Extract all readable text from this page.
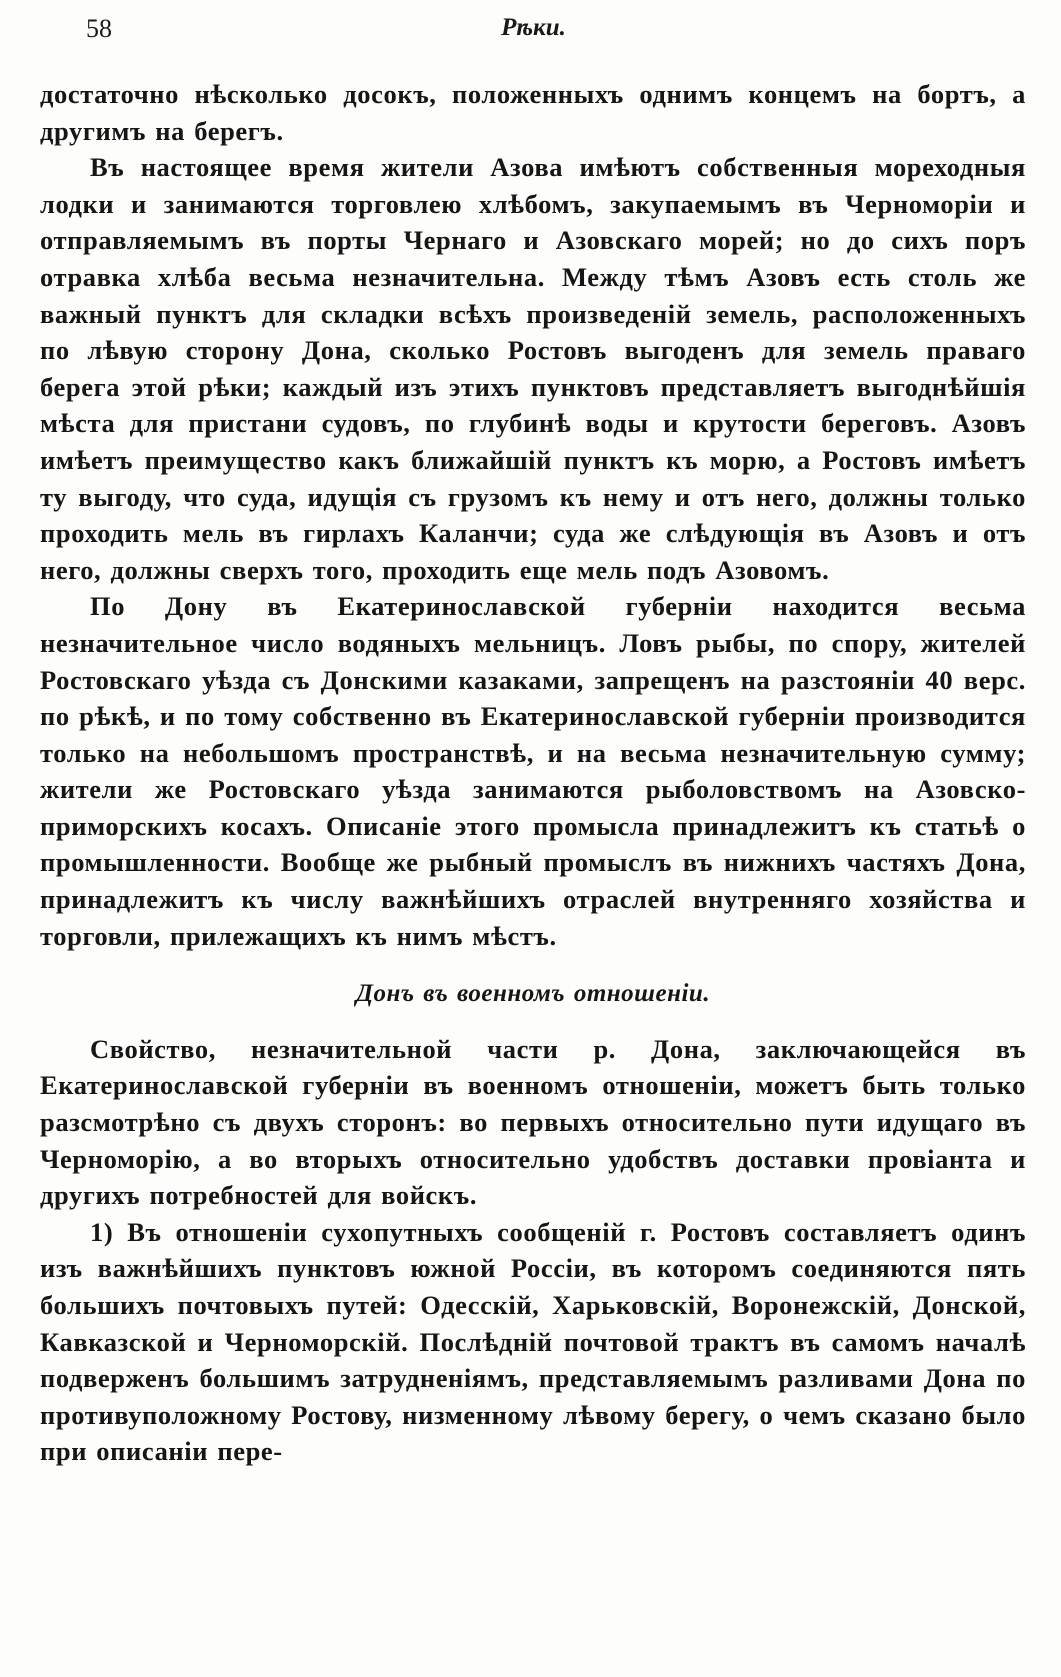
58	Рѣки.

достаточно нѣсколько досокъ, положенныхъ однимъ концемъ на бортъ, а другимъ на берегъ.

Въ настоящее время жители Азова имѣютъ собственныя мореходныя лодки и занимаются торговлею хлѣбомъ, закупаемымъ въ Черноморіи и отправляемымъ въ порты Чернаго и Азовскаго морей; но до сихъ поръ отравка хлѣба весьма незначительна. Между тѣмъ Азовъ есть столь же важный пунктъ для складки всѣхъ произведеній земель, расположенныхъ по лѣвую сторону Дона, сколько Ростовъ выгоденъ для земель праваго берега этой рѣки; каждый изъ этихъ пунктовъ представляетъ выгоднѣйшія мѣста для пристани судовъ, по глубинѣ воды и крутости береговъ. Азовъ имѣетъ преимущество какъ ближайшій пунктъ къ морю, а Ростовъ имѣетъ ту выгоду, что суда, идущія съ грузомъ къ нему и отъ него, должны только проходить мель въ гирлахъ Каланчи; суда же слѣдующія въ Азовъ и отъ него, должны сверхъ того, проходить еще мель подъ Азовомъ.

По Дону въ Екатеринославской губерніи находится весьма незначительное число водяныхъ мельницъ. Ловъ рыбы, по спору, жителей Ростовскаго уѣзда съ Донскими казаками, запрещенъ на разстояніи 40 верс. по рѣкѣ, и по тому собственно въ Екатеринославской губерніи производится только на небольшомъ пространствѣ, и на весьма незначительную сумму; жители же Ростовскаго уѣзда занимаются рыболовствомъ на Азовско-приморскихъ косахъ. Описаніе этого промысла принадлежитъ къ статьѣ о промышленности. Вообще же рыбный промыслъ въ нижнихъ частяхъ Дона, принадлежитъ къ числу важнѣйшихъ отраслей внутренняго хозяйства и торговли, прилежащихъ къ нимъ мѣстъ.

Донъ въ военномъ отношеніи.

Свойство, незначительной части р. Дона, заключающейся въ Екатеринославской губерніи въ военномъ отношеніи, можетъ быть только разсмотрѣно съ двухъ сторонъ: во первыхъ относительно пути идущаго въ Черноморію, а во вторыхъ относительно удобствъ доставки провіанта и другихъ потребностей для войскъ.

1) Въ отношеніи сухопутныхъ сообщеній г. Ростовъ составляетъ одинъ изъ важнѣйшихъ пунктовъ южной Россіи, въ которомъ соединяются пять большихъ почтовыхъ путей: Одесскій, Харьковскій, Воронежскій, Донской, Кавказской и Черноморскій. Послѣдній почтовой трактъ въ самомъ началѣ подверженъ большимъ затрудненіямъ, представляемымъ разливами Дона по противуположному Ростову, низменному лѣвому берегу, о чемъ сказано было при описаніи пере-
